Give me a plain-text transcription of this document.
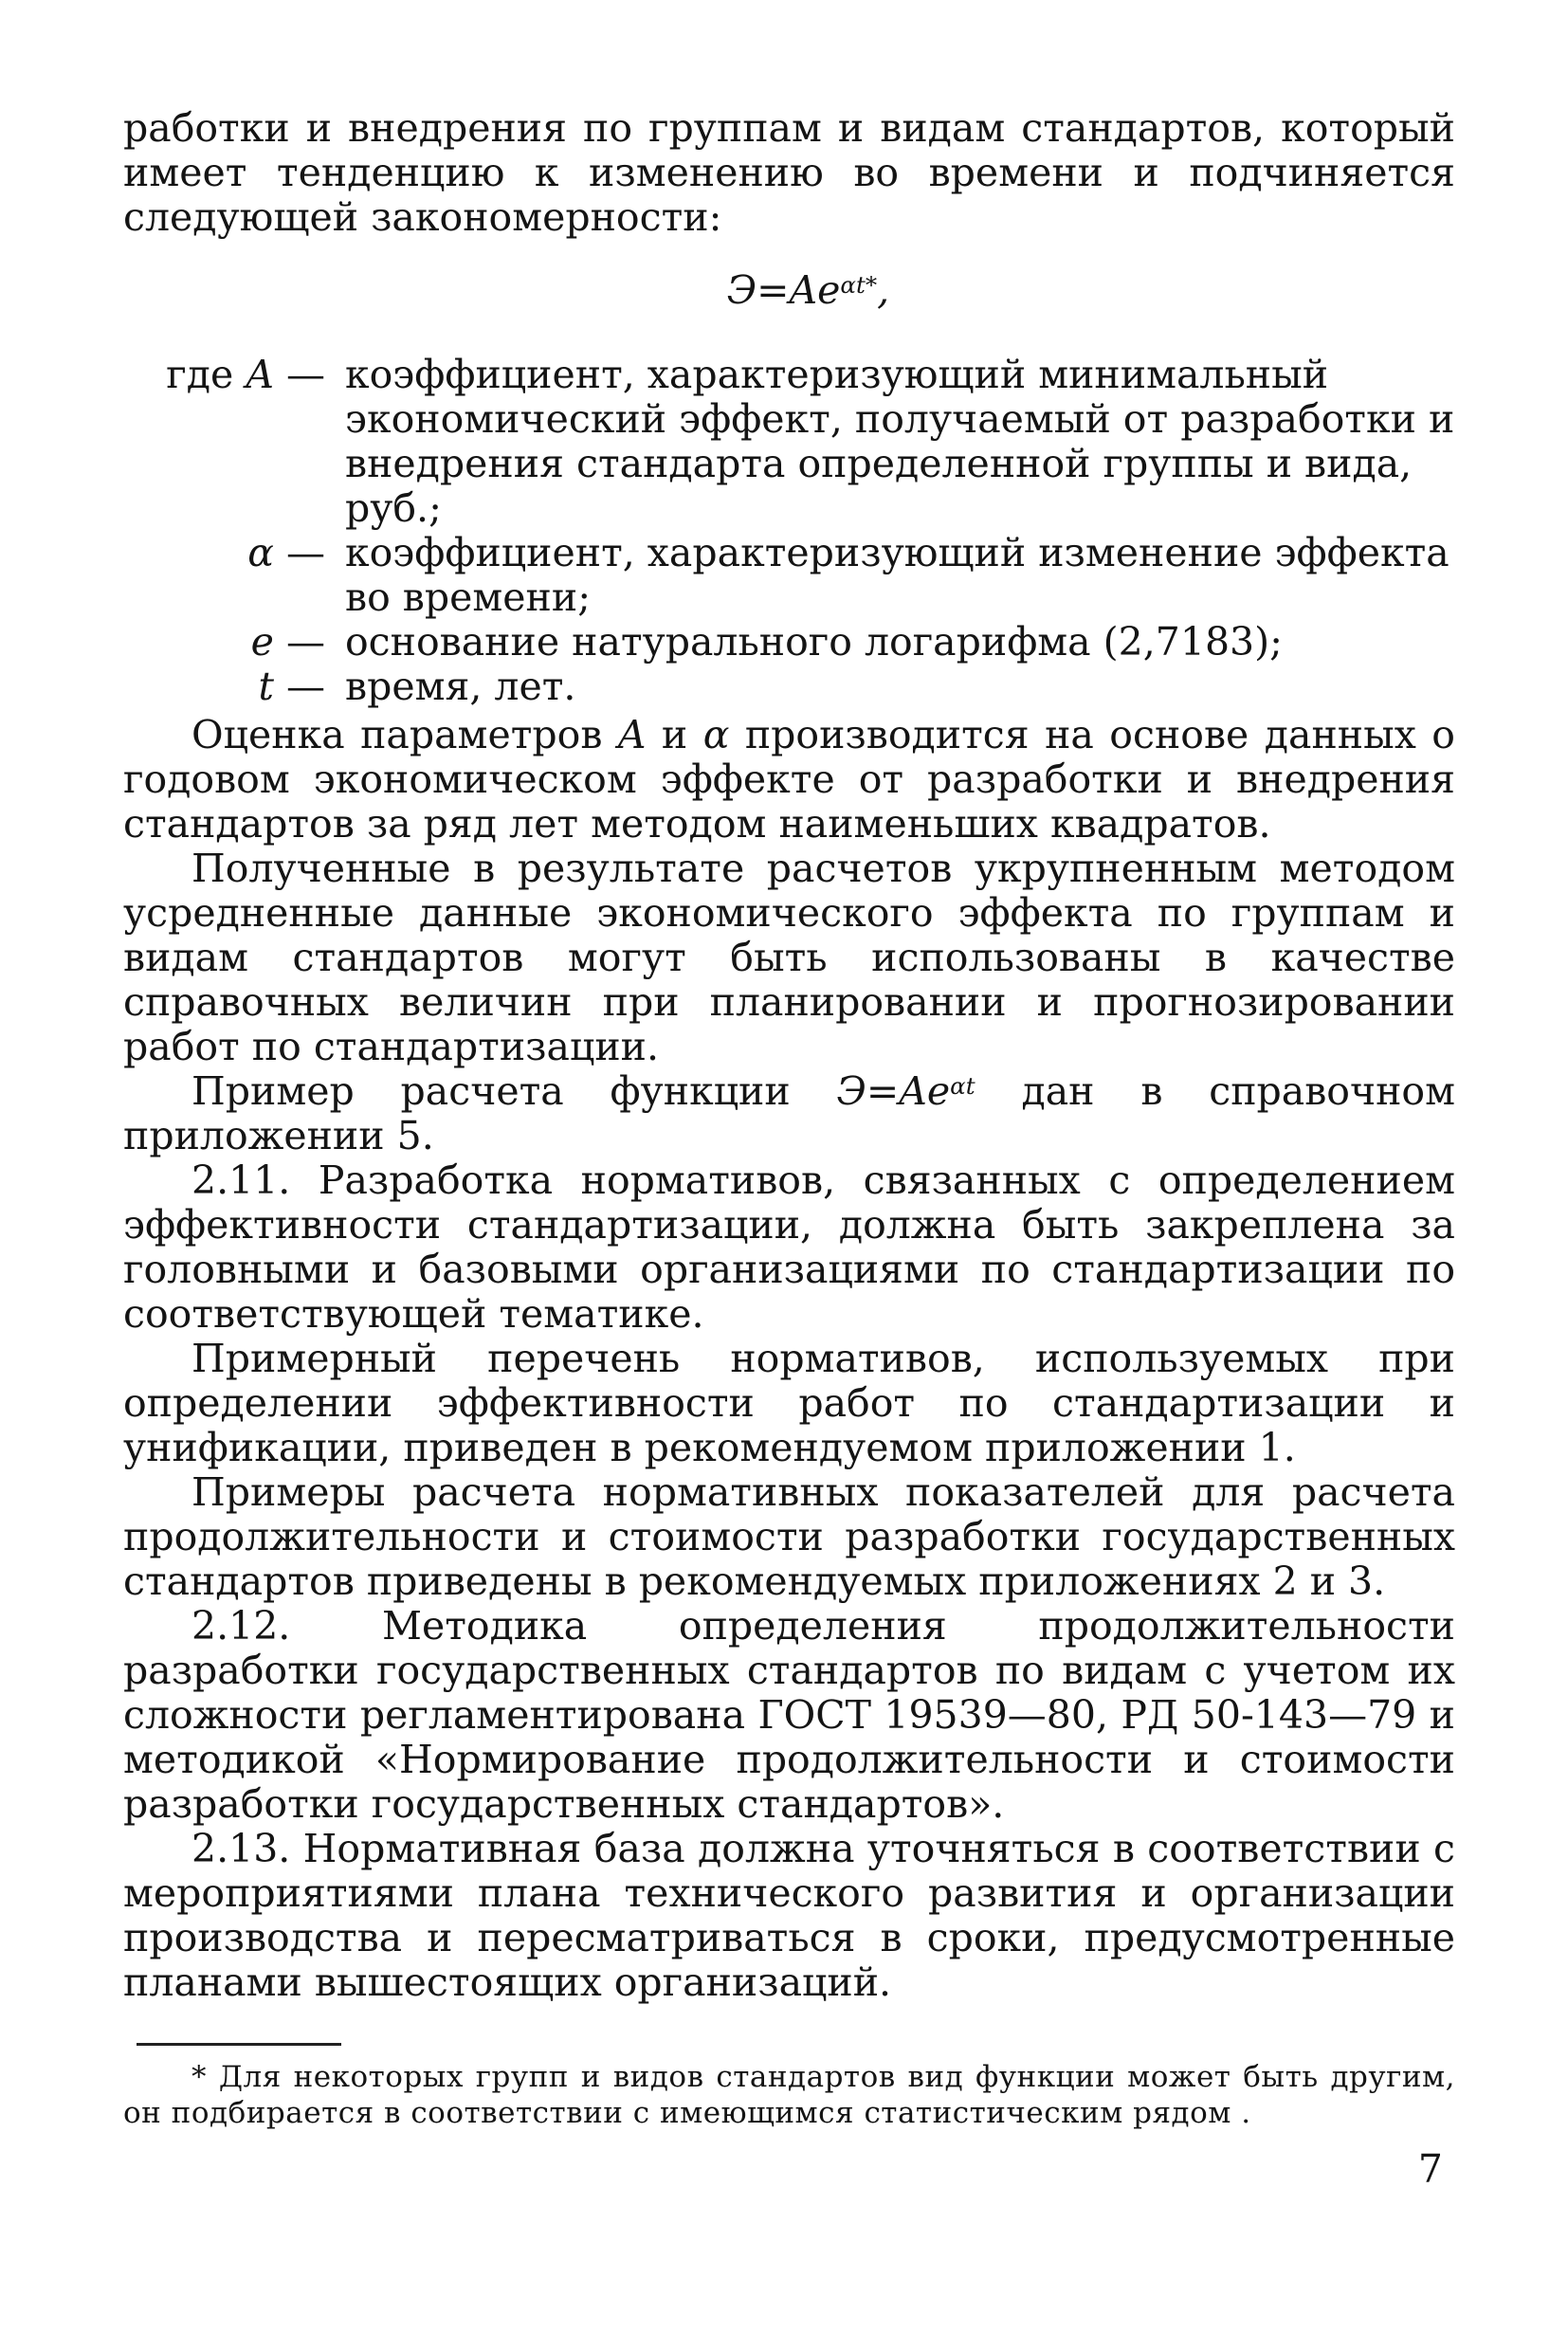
работки и внедрения по группам и видам стандартов, который имеет тенденцию к изменению во времени и подчиняется следующей закономерности:

$Э=Ae^{\alpha t*}$,
где A — коэффициент, характеризующий минимальный экономический эффект, получаемый от разработки и внедрения стандарта определенной группы и вида, руб.;
α — коэффициент, характеризующий изменение эффекта во времени;
e — основание натурального логарифма (2,7183);
t — время, лет.

Оценка параметров A и α производится на основе данных о годовом экономическом эффекте от разработки и внедрения стандартов за ряд лет методом наименьших квадратов.

Полученные в результате расчетов укрупненным методом усредненные данные экономического эффекта по группам и видам стандартов могут быть использованы в качестве справочных величин при планировании и прогнозировании работ по стандартизации.

Пример расчета функции $Э=Ae^{\alpha t}$ дан в справочном приложении 5.

2.11. Разработка нормативов, связанных с определением эффективности стандартизации, должна быть закреплена за головными и базовыми организациями по стандартизации по соответствующей тематике.

Примерный перечень нормативов, используемых при определении эффективности работ по стандартизации и унификации, приведен в рекомендуемом приложении 1.

Примеры расчета нормативных показателей для расчета продолжительности и стоимости разработки государственных стандартов приведены в рекомендуемых приложениях 2 и 3.

2.12. Методика определения продолжительности разработки государственных стандартов по видам с учетом их сложности регламентирована ГОСТ 19539—80, РД 50-143—79 и методикой «Нормирование продолжительности и стоимости разработки государственных стандартов».

2.13. Нормативная база должна уточняться в соответствии с мероприятиями плана технического развития и организации производства и пересматриваться в сроки, предусмотренные планами вышестоящих организаций.

* Для некоторых групп и видов стандартов вид функции может быть другим, он подбирается в соответствии с имеющимся статистическим рядом .

7
